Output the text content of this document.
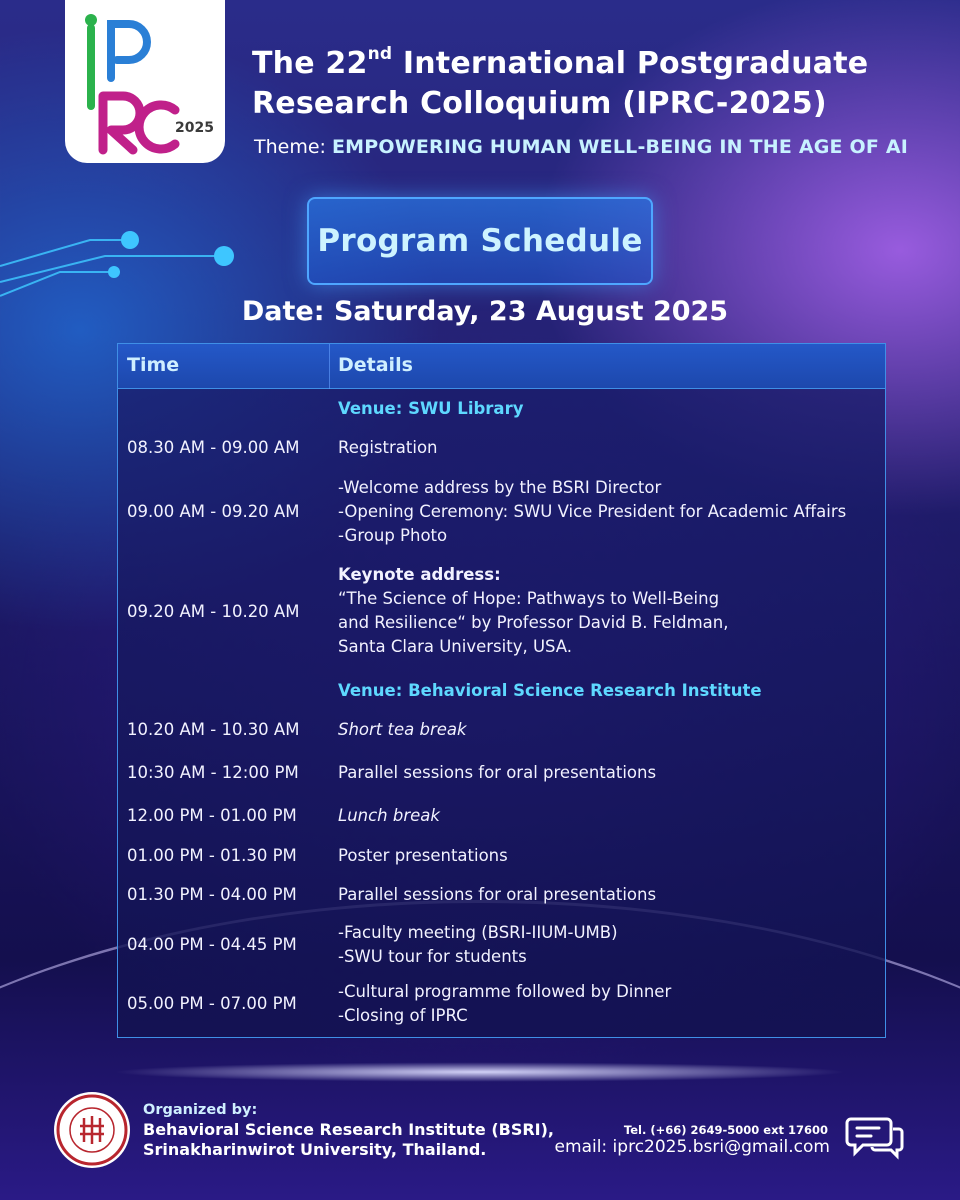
2025
The 22nd International Postgraduate
Research Colloquium (IPRC-2025)
Theme: EMPOWERING HUMAN WELL-BEING IN THE AGE OF AI
Program Schedule
Date: Saturday, 23 August 2025
Time	Details
Venue: SWU Library
08.30 AM - 09.00 AM Registration
09.00 AM - 09.20 AM
-Welcome address by the BSRI Director
-Opening Ceremony: SWU Vice President for Academic Affairs
-Group Photo
09.20 AM - 10.20 AM
Keynote address:
“The Science of Hope: Pathways to Well-Being
and Resilience“ by Professor David B. Feldman,
Santa Clara University, USA.
Venue: Behavioral Science Research Institute
10.20 AM - 10.30 AM Short tea break
10:30 AM - 12:00 PM Parallel sessions for oral presentations
12.00 PM - 01.00 PM Lunch break
01.00 PM - 01.30 PM Poster presentations
01.30 PM - 04.00 PM Parallel sessions for oral presentations
04.00 PM - 04.45 PM
-Faculty meeting (BSRI-IIUM-UMB)
-SWU tour for students
05.00 PM - 07.00 PM
-Cultural programme followed by Dinner
-Closing of IPRC
Organized by:
Behavioral Science Research Institute (BSRI),
Srinakharinwirot University, Thailand.
Tel. (+66) 2649-5000 ext 17600
email: iprc2025.bsri@gmail.com
